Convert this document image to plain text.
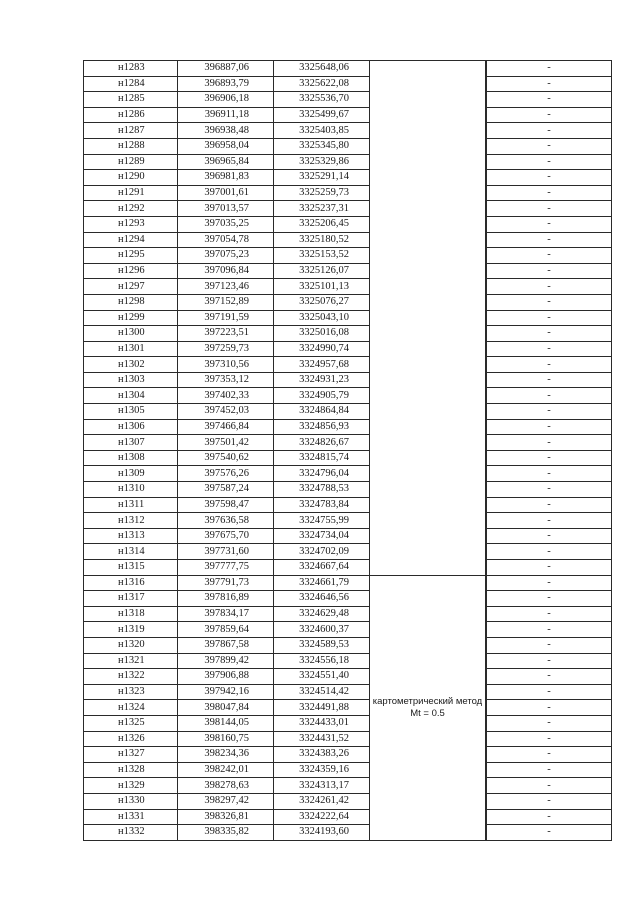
н1283	396887,06	3325648,06			-
н1284	396893,79	3325622,08		-
н1285	396906,18	3325536,70		-
н1286	396911,18	3325499,67		-
н1287	396938,48	3325403,85		-
н1288	396958,04	3325345,80		-
н1289	396965,84	3325329,86		-
н1290	396981,83	3325291,14		-
н1291	397001,61	3325259,73		-
н1292	397013,57	3325237,31		-
н1293	397035,25	3325206,45		-
н1294	397054,78	3325180,52		-
н1295	397075,23	3325153,52		-
н1296	397096,84	3325126,07		-
н1297	397123,46	3325101,13		-
н1298	397152,89	3325076,27		-
н1299	397191,59	3325043,10		-
н1300	397223,51	3325016,08		-
н1301	397259,73	3324990,74		-
н1302	397310,56	3324957,68		-
н1303	397353,12	3324931,23		-
н1304	397402,33	3324905,79		-
н1305	397452,03	3324864,84		-
н1306	397466,84	3324856,93		-
н1307	397501,42	3324826,67		-
н1308	397540,62	3324815,74		-
н1309	397576,26	3324796,04		-
н1310	397587,24	3324788,53		-
н1311	397598,47	3324783,84		-
н1312	397636,58	3324755,99		-
н1313	397675,70	3324734,04		-
н1314	397731,60	3324702,09		-
н1315	397777,75	3324667,64		-
н1316	397791,73	3324661,79	картометрический метод Mt = 0.5		-
н1317	397816,89	3324646,56		-
н1318	397834,17	3324629,48		-
н1319	397859,64	3324600,37		-
н1320	397867,58	3324589,53		-
н1321	397899,42	3324556,18		-
н1322	397906,88	3324551,40		-
н1323	397942,16	3324514,42		-
н1324	398047,84	3324491,88		-
н1325	398144,05	3324433,01		-
н1326	398160,75	3324431,52		-
н1327	398234,36	3324383,26		-
н1328	398242,01	3324359,16		-
н1329	398278,63	3324313,17		-
н1330	398297,42	3324261,42		-
н1331	398326,81	3324222,64		-
н1332	398335,82	3324193,60		-
